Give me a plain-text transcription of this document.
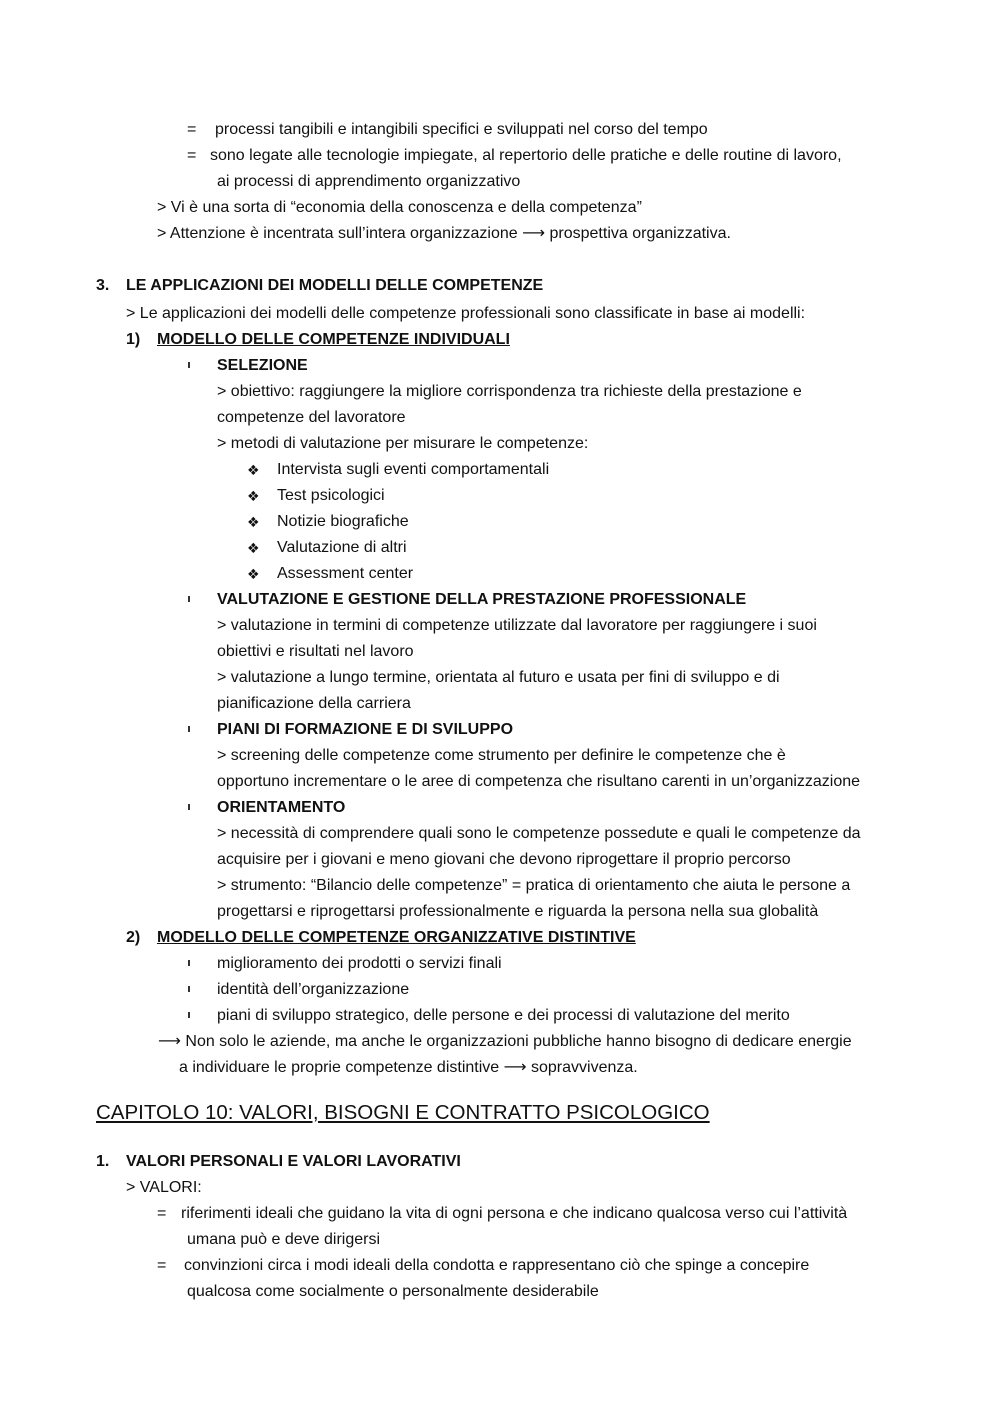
= processi tangibili e intangibili specifici e sviluppati nel corso del tempo
= sono legate alle tecnologie impiegate, al repertorio delle pratiche e delle routine di lavoro,
ai processi di apprendimento organizzativo
> Vi è una sorta di “economia della conoscenza e della competenza”
> Attenzione è incentrata sull’intera organizzazione ⟶ prospettiva organizzativa.
3. LE APPLICAZIONI DEI MODELLI DELLE COMPETENZE
> Le applicazioni dei modelli delle competenze professionali sono classificate in base ai modelli:
1) MODELLO DELLE COMPETENZE INDIVIDUALI
SELEZIONE
> obiettivo: raggiungere la migliore corrispondenza tra richieste della prestazione e
competenze del lavoratore
> metodi di valutazione per misurare le competenze:
❖ Intervista sugli eventi comportamentali
❖ Test psicologici
❖ Notizie biografiche
❖ Valutazione di altri
❖ Assessment center
VALUTAZIONE E GESTIONE DELLA PRESTAZIONE PROFESSIONALE
> valutazione in termini di competenze utilizzate dal lavoratore per raggiungere i suoi
obiettivi e risultati nel lavoro
> valutazione a lungo termine, orientata al futuro e usata per fini di sviluppo e di
pianificazione della carriera
PIANI DI FORMAZIONE E DI SVILUPPO
> screening delle competenze come strumento per definire le competenze che è
opportuno incrementare o le aree di competenza che risultano carenti in un’organizzazione
ORIENTAMENTO
> necessità di comprendere quali sono le competenze possedute e quali le competenze da
acquisire per i giovani e meno giovani che devono riprogettare il proprio percorso
> strumento: “Bilancio delle competenze” = pratica di orientamento che aiuta le persone a
progettarsi e riprogettarsi professionalmente e riguarda la persona nella sua globalità
2) MODELLO DELLE COMPETENZE ORGANIZZATIVE DISTINTIVE
miglioramento dei prodotti o servizi finali
identità dell’organizzazione
piani di sviluppo strategico, delle persone e dei processi di valutazione del merito
⟶ Non solo le aziende, ma anche le organizzazioni pubbliche hanno bisogno di dedicare energie
a individuare le proprie competenze distintive ⟶ sopravvivenza.
CAPITOLO 10: VALORI, BISOGNI E CONTRATTO PSICOLOGICO
1. VALORI PERSONALI E VALORI LAVORATIVI
> VALORI:
= riferimenti ideali che guidano la vita di ogni persona e che indicano qualcosa verso cui l’attività
umana può e deve dirigersi
= convinzioni circa i modi ideali della condotta e rappresentano ciò che spinge a concepire
qualcosa come socialmente o personalmente desiderabile
